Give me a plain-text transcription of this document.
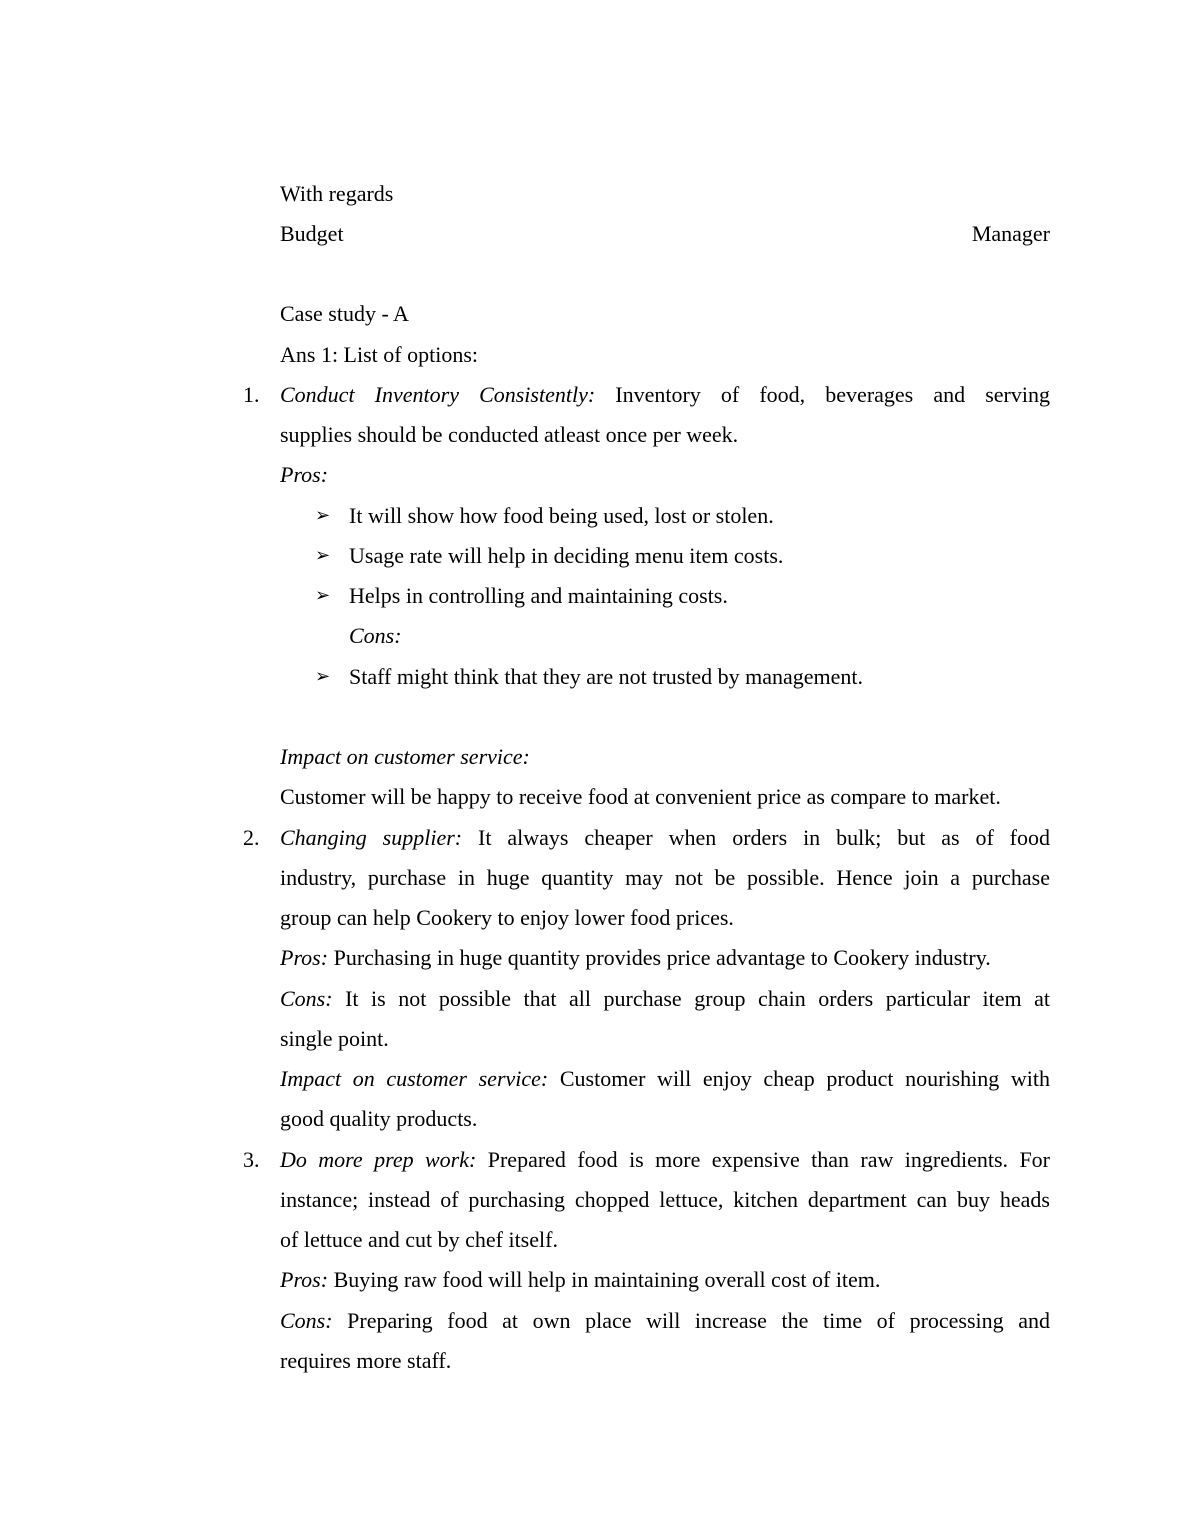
With regards
Budget	Manager
Case study - A
Ans 1: List of options:
1. Conduct Inventory Consistently: Inventory of food, beverages and serving
supplies should be conducted atleast once per week.
Pros:
➢ It will show how food being used, lost or stolen.
➢ Usage rate will help in deciding menu item costs.
➢ Helps in controlling and maintaining costs.
Cons:
➢ Staff might think that they are not trusted by management.
Impact on customer service:
Customer will be happy to receive food at convenient price as compare to market.
2. Changing supplier: It always cheaper when orders in bulk; but as of food
industry, purchase in huge quantity may not be possible. Hence join a purchase
group can help Cookery to enjoy lower food prices.
Pros: Purchasing in huge quantity provides price advantage to Cookery industry.
Cons: It is not possible that all purchase group chain orders particular item at
single point.
Impact on customer service: Customer will enjoy cheap product nourishing with
good quality products.
3. Do more prep work: Prepared food is more expensive than raw ingredients. For
instance; instead of purchasing chopped lettuce, kitchen department can buy heads
of lettuce and cut by chef itself.
Pros: Buying raw food will help in maintaining overall cost of item.
Cons: Preparing food at own place will increase the time of processing and
requires more staff.
